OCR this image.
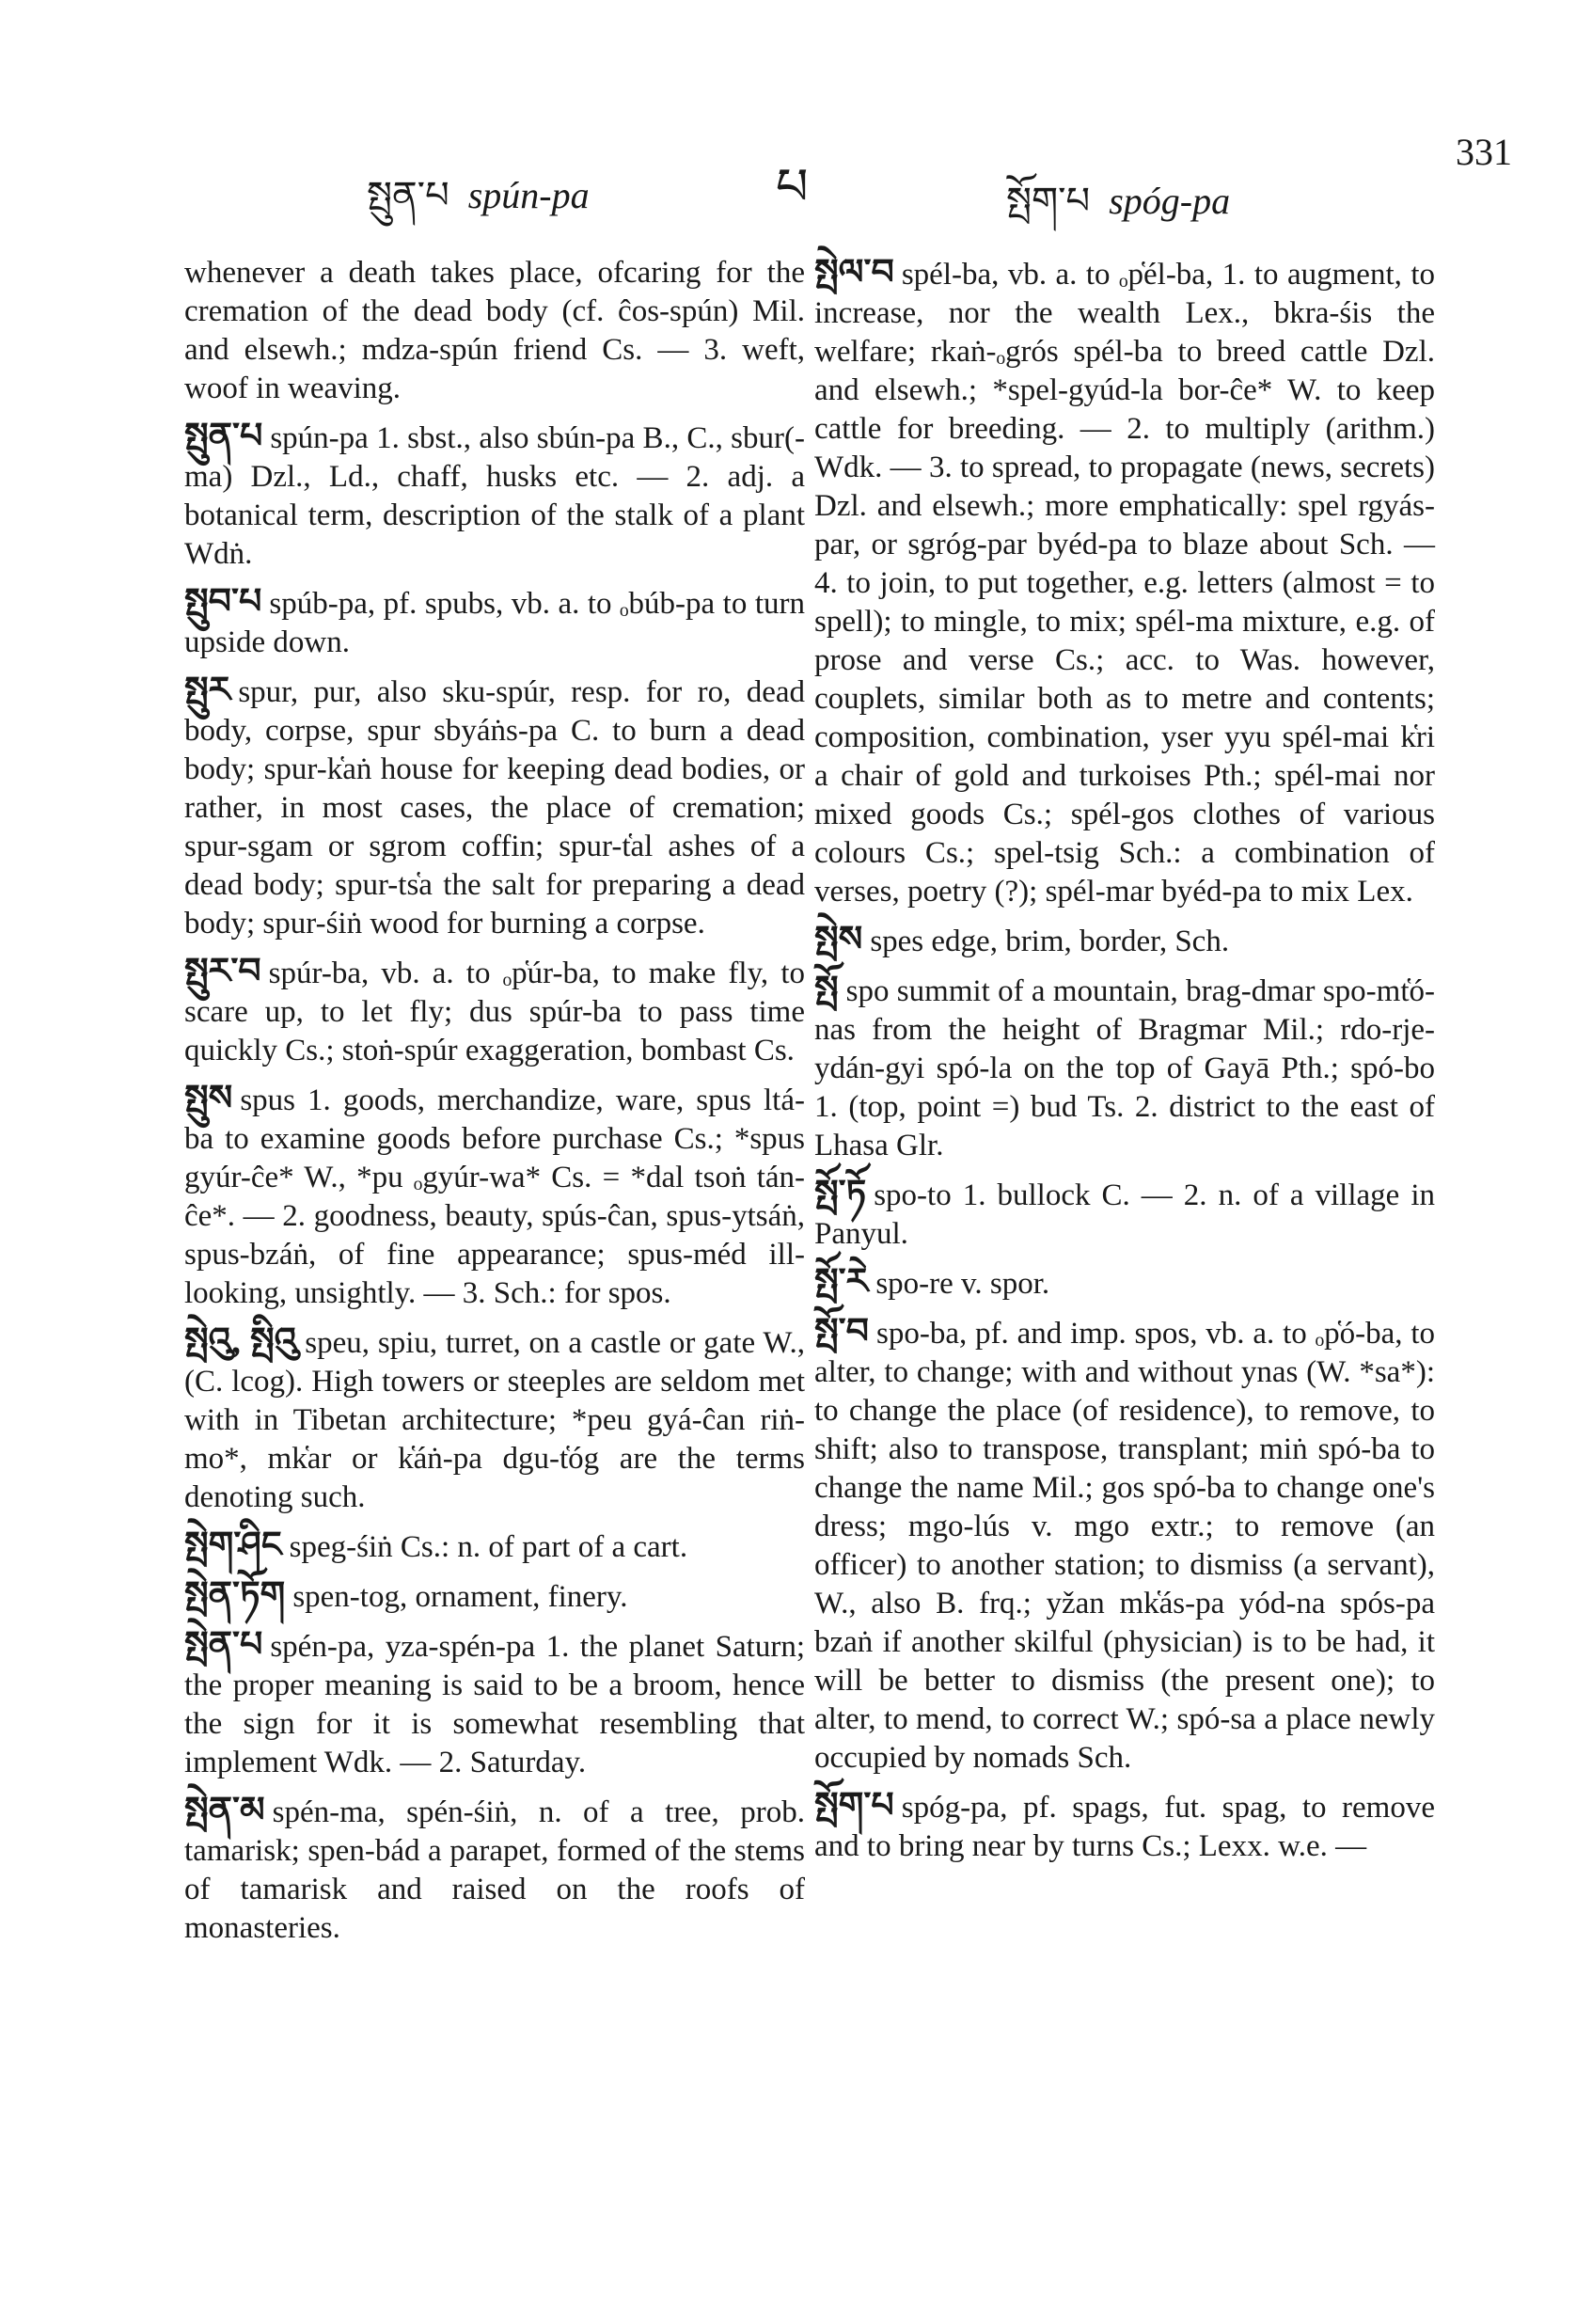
སྤུན་པ spún-pa	པ	སྤོག་པ spóg-pa
331

whenever a death takes place, ofcaring for the cremation of the dead body (cf. ĉos-spún) Mil. and elsewh.; mdza-spún friend Cs. — 3. weft, woof in weaving.

སྤུན་པ spún-pa 1. sbst., also sbún-pa B., C., sbur(-ma) Dzl., Ld., chaff, husks etc. — 2. adj. a botanical term, description of the stalk of a plant Wdṅ.

སྤུབ་པ spúb-pa, pf. spubs, vb. a. to ₒbúb-pa to turn upside down.

སྤུར spur, pur, also sku-spúr, resp. for ro, dead body, corpse, spur sbyáṅs-pa C. to burn a dead body; spur-k̔aṅ house for keeping dead bodies, or rather, in most cases, the place of cremation; spur-sgam or sgrom coffin; spur-t̔al ashes of a dead body; spur-ts̔a the salt for preparing a dead body; spur-śiṅ wood for burning a corpse.

སྤུར་བ spúr-ba, vb. a. to ₒp̔úr-ba, to make fly, to scare up, to let fly; dus spúr-ba to pass time quickly Cs.; stoṅ-spúr exaggeration, bombast Cs.

སྤུས spus 1. goods, merchandize, ware, spus ltá-ba to examine goods before purchase Cs.; *spus gyúr-ĉe* W., *pu ₒgyúr-wa* Cs. = *dal tsoṅ tán-ĉe*. — 2. goodness, beauty, spús-ĉan, spus-ytsáṅ, spus-bzáṅ, of fine appearance; spus-méd ill-looking, unsightly. — 3. Sch.: for spos.

སྤེའུ, སྤིའུ speu, spiu, turret, on a castle or gate W., (C. lcog). High towers or steeples are seldom met with in Tibetan architecture; *peu gyá-ĉan riṅ-mo*, mk̔ar or k̔áṅ-pa dgu-t̔óg are the terms denoting such.

སྤེག་ཤིང speg-śiṅ Cs.: n. of part of a cart.

སྤེན་ཏོག spen-tog, ornament, finery.

སྤེན་པ spén-pa, yza-spén-pa 1. the planet Saturn; the proper meaning is said to be a broom, hence the sign for it is somewhat resembling that implement Wdk. — 2. Saturday.

སྤེན་མ spén-ma, spén-śiṅ, n. of a tree, prob. tamarisk; spen-bád a parapet, formed of the stems of tamarisk and raised on the roofs of monasteries.

སྤེལ་བ spél-ba, vb. a. to ₒp̔él-ba, 1. to augment, to increase, nor the wealth Lex., bkra-śis the welfare; rkaṅ-ₒgrós spél-ba to breed cattle Dzl. and elsewh.; *spel-gyúd-la bor-ĉe* W. to keep cattle for breeding. — 2. to multiply (arithm.) Wdk. — 3. to spread, to propagate (news, secrets) Dzl. and elsewh.; more emphatically: spel rgyás-par, or sgróg-par byéd-pa to blaze about Sch. — 4. to join, to put together, e.g. letters (almost = to spell); to mingle, to mix; spél-ma mixture, e.g. of prose and verse Cs.; acc. to Was. however, couplets, similar both as to metre and contents; composition, combination, yser yyu spél-mai k̔ri a chair of gold and turkoises Pth.; spél-mai nor mixed goods Cs.; spél-gos clothes of various colours Cs.; spel-tsig Sch.: a combination of verses, poetry (?); spél-mar byéd-pa to mix Lex.

སྤེས spes edge, brim, border, Sch.

སྤོ spo summit of a mountain, brag-dmar spo-mt̔ó-nas from the height of Bragmar Mil.; rdo-rje-ydán-gyi spó-la on the top of Gayā Pth.; spó-bo 1. (top, point =) bud Ts. 2. district to the east of Lhasa Glr.

སྤོ་ཏོ spo-to 1. bullock C. — 2. n. of a village in Panyul.

སྤོ་རེ spo-re v. spor.

སྤོ་བ spo-ba, pf. and imp. spos, vb. a. to ₒp̔ó-ba, to alter, to change; with and without ynas (W. *sa*): to change the place (of residence), to remove, to shift; also to transpose, transplant; miṅ spó-ba to change the name Mil.; gos spó-ba to change one's dress; mgo-lús v. mgo extr.; to remove (an officer) to another station; to dismiss (a servant), W., also B. frq.; yžan mk̔ás-pa yód-na spós-pa bzaṅ if another skilful (physician) is to be had, it will be better to dismiss (the present one); to alter, to mend, to correct W.; spó-sa a place newly occupied by nomads Sch.

སྤོག་པ spóg-pa, pf. spags, fut. spag, to remove and to bring near by turns Cs.; Lexx. w.e. —
